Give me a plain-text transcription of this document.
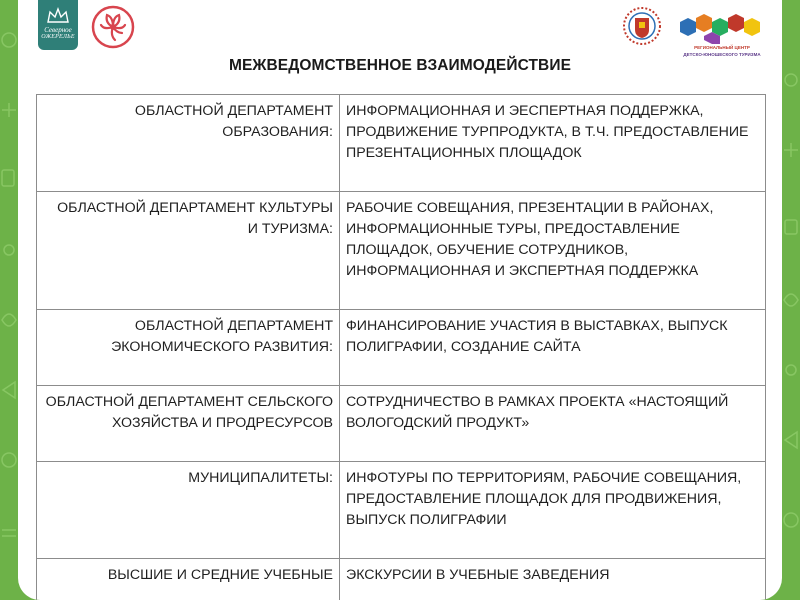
Северное
ОЖЕРЕЛЬЕ
РЕГИОНАЛЬНЫЙ ЦЕНТР
ДЕТСКО-ЮНОШЕСКОГО ТУРИЗМА
МЕЖВЕДОМСТВЕННОЕ ВЗАИМОДЕЙСТВИЕ
ОБЛАСТНОЙ ДЕПАРТАМЕНТ ОБРАЗОВАНИЯ:	ИНФОРМАЦИОННАЯ И ЭЕСПЕРТНАЯ ПОДДЕРЖКА, ПРОДВИЖЕНИЕ ТУРПРОДУКТА, В Т.Ч. ПРЕДОСТАВЛЕНИЕ ПРЕЗЕНТАЦИОННЫХ ПЛОЩАДОК
ОБЛАСТНОЙ ДЕПАРТАМЕНТ КУЛЬТУРЫ И ТУРИЗМА:	РАБОЧИЕ СОВЕЩАНИЯ, ПРЕЗЕНТАЦИИ В РАЙОНАХ, ИНФОРМАЦИОННЫЕ ТУРЫ, ПРЕДОСТАВЛЕНИЕ ПЛОЩАДОК, ОБУЧЕНИЕ СОТРУДНИКОВ, ИНФОРМАЦИОННАЯ И ЭКСПЕРТНАЯ ПОДДЕРЖКА
ОБЛАСТНОЙ ДЕПАРТАМЕНТ ЭКОНОМИЧЕСКОГО РАЗВИТИЯ:	ФИНАНСИРОВАНИЕ УЧАСТИЯ В ВЫСТАВКАХ, ВЫПУСК ПОЛИГРАФИИ, СОЗДАНИЕ САЙТА
ОБЛАСТНОЙ ДЕПАРТАМЕНТ СЕЛЬСКОГО ХОЗЯЙСТВА И ПРОДРЕСУРСОВ	СОТРУДНИЧЕСТВО В РАМКАХ ПРОЕКТА «НАСТОЯЩИЙ ВОЛОГОДСКИЙ ПРОДУКТ»
МУНИЦИПАЛИТЕТЫ:	ИНФОТУРЫ ПО ТЕРРИТОРИЯМ, РАБОЧИЕ СОВЕЩАНИЯ, ПРЕДОСТАВЛЕНИЕ ПЛОЩАДОК ДЛЯ ПРОДВИЖЕНИЯ, ВЫПУСК ПОЛИГРАФИИ
ВЫСШИЕ И СРЕДНИЕ УЧЕБНЫЕ	ЭКСКУРСИИ В УЧЕБНЫЕ ЗАВЕДЕНИЯ
